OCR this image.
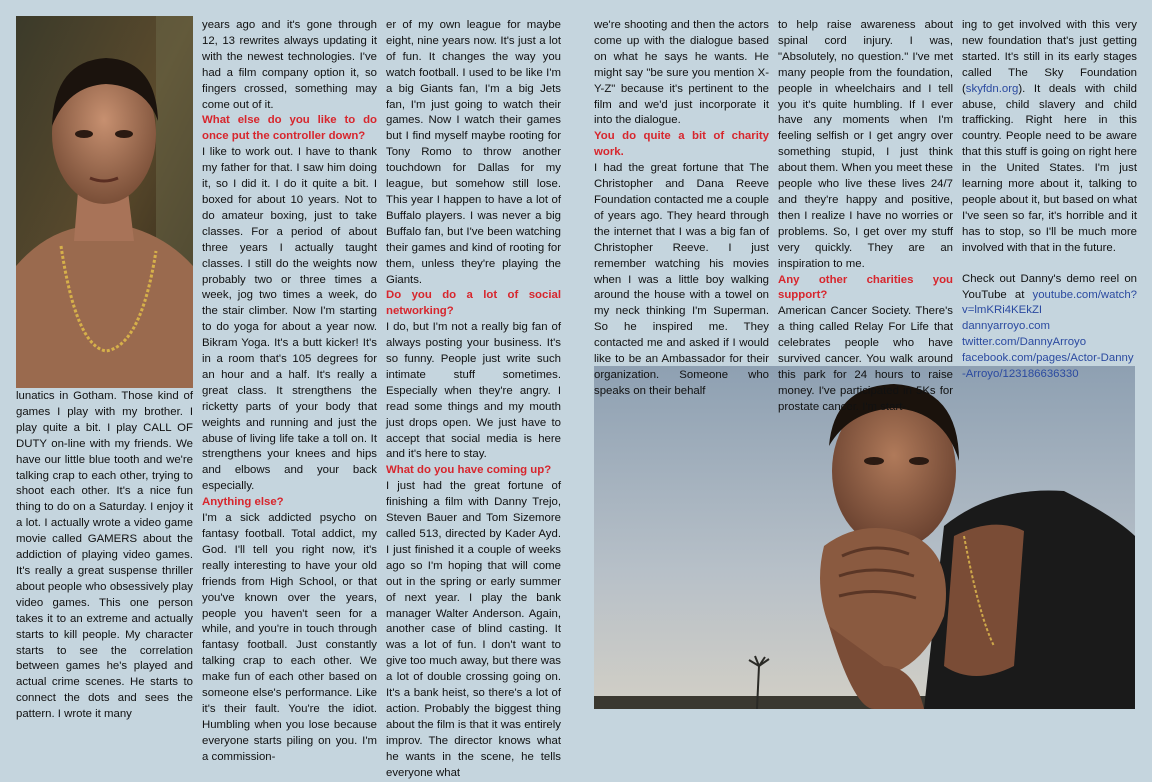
lunatics in Gotham. Those kind of games I play with my brother. I play quite a bit. I play CALL OF DUTY on-line with my friends. We have our little blue tooth and we're talking crap to each other, trying to shoot each other. It's a nice fun thing to do on a Saturday. I enjoy it a lot. I actually wrote a video game movie called GAMERS about the addiction of playing video games. It's really a great suspense thriller about people who obsessively play video games. This one person takes it to an extreme and actually starts to kill people. My character starts to see the correlation between games he's played and actual crime scenes. He starts to connect the dots and sees the pattern. I wrote it many

years ago and it's gone through 12, 13 rewrites always updating it with the newest technologies. I've had a film company option it, so fingers crossed, something may come out of it.

What else do you like to do once put the controller down?

I like to work out. I have to thank my father for that. I saw him doing it, so I did it. I do it quite a bit. I boxed for about 10 years. Not to do amateur boxing, just to take classes. For a period of about three years I actually taught classes. I still do the weights now probably two or three times a week, jog two times a week, do the stair climber. Now I'm starting to do yoga for about a year now. Bikram Yoga. It's a butt kicker! It's in a room that's 105 degrees for an hour and a half. It's really a great class. It strengthens the ricketty parts of your body that weights and running and just the abuse of living life take a toll on. It strengthens your knees and hips and elbows and your back especially.

Anything else?

I'm a sick addicted psycho on fantasy football. Total addict, my God. I'll tell you right now, it's really interesting to have your old friends from High School, or that you've known over the years, people you haven't seen for a while, and you're in touch through fantasy football. Just constantly talking crap to each other. We make fun of each other based on someone else's performance. Like it's their fault. You're the idiot. Humbling when you lose because everyone starts piling on you. I'm a commission-

er of my own league for maybe eight, nine years now. It's just a lot of fun. It changes the way you watch football. I used to be like I'm a big Giants fan, I'm a big Jets fan, I'm just going to watch their games. Now I watch their games but I find myself maybe rooting for Tony Romo to throw another touchdown for Dallas for my league, but somehow still lose. This year I happen to have a lot of Buffalo players. I was never a big Buffalo fan, but I've been watching their games and kind of rooting for them, unless they're playing the Giants.

Do you do a lot of social networking?

I do, but I'm not a really big fan of always posting your business. It's so funny. People just write such intimate stuff sometimes. Especially when they're angry. I read some things and my mouth just drops open. We just have to accept that social media is here and it's here to stay.

What do you have coming up?

I just had the great fortune of finishing a film with Danny Trejo, Steven Bauer and Tom Sizemore called 513, directed by Kader Ayd. I just finished it a couple of weeks ago so I'm hoping that will come out in the spring or early summer of next year. I play the bank manager Walter Anderson. Again, another case of blind casting. It was a lot of fun. I don't want to give too much away, but there was a lot of double crossing going on. It's a bank heist, so there's a lot of action. Probably the biggest thing about the film is that it was entirely improv. The director knows what he wants in the scene, he tells everyone what

we're shooting and then the actors come up with the dialogue based on what he says he wants. He might say "be sure you mention X-Y-Z" because it's pertinent to the film and we'd just incorporate it into the dialogue.

You do quite a bit of charity work.

I had the great fortune that The Christopher and Dana Reeve Foundation contacted me a couple of years ago. They heard through the internet that I was a big fan of Christopher Reeve. I just remember watching his movies when I was a little boy walking around the house with a towel on my neck thinking I'm Superman. So he inspired me. They contacted me and asked if I would like to be an Ambassador for their organization. Someone who speaks on their behalf

to help raise awareness about spinal cord injury. I was, "Absolutely, no question." I've met many people from the foundation, people in wheelchairs and I tell you it's quite humbling. If I ever have any moments when I'm feeling selfish or I get angry over something stupid, I just think about them. When you meet these people who live these lives 24/7 and they're happy and positive, then I realize I have no worries or problems. So, I get over my stuff very quickly. They are an inspiration to me.

Any other charities you support?

American Cancer Society. There's a thing called Relay For Life that celebrates people who have survived cancer. You walk around this park for 24 hours to raise money. I've participated in 5Ks for prostate cancer. I'm start-

ing to get involved with this very new foundation that's just getting started. It's still in its early stages called The Sky Foundation (skyfdn.org). It deals with child abuse, child slavery and child trafficking. Right here in this country. People need to be aware that this stuff is going on right here in the United States. I'm just learning more about it, talking to people about it, but based on what I've seen so far, it's horrible and it has to stop, so I'll be much more involved with that in the future.

Check out Danny's demo reel on YouTube at youtube.com/watch?v=lmKRi4KEkZI

dannyarroyo.com

twitter.com/DannyArroyo

facebook.com/pages/Actor-Danny-Arroyo/123186636330
